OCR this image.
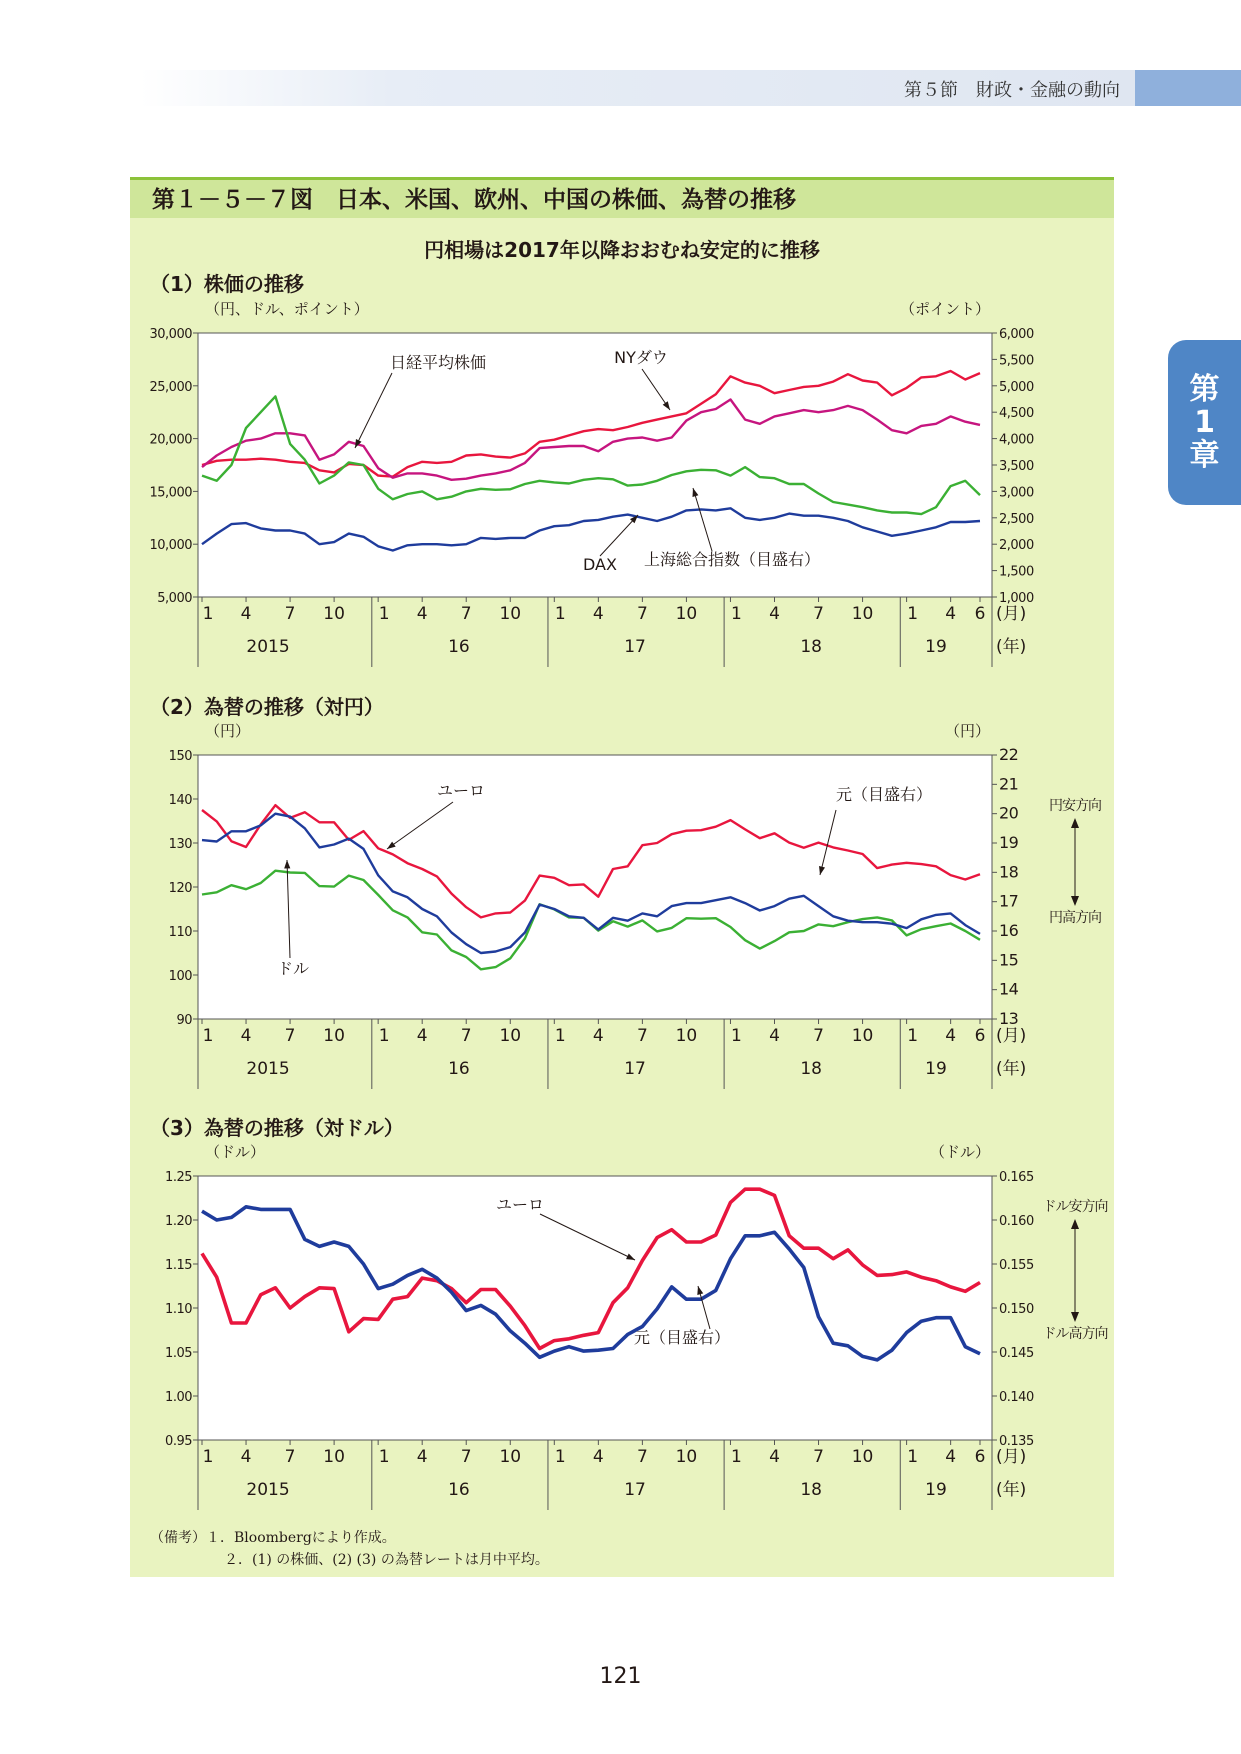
第５節　財政・金融の動向
第
1
章
第１－５－７図　日本、米国、欧州、中国の株価、為替の推移
円相場は2017年以降おおむね安定的に推移
（1）株価の推移
（2）為替の推移（対円）
（3）為替の推移（対ドル）
（円、ドル、ポイント）	（ポイント）
30,000
25,000
20,000
15,000
10,000
5,000
6,000
5,500
5,000
4,500
4,000
3,500
3,000
2,500
2,000
1,500
1,000
1 4 7 10 1 4 7 10 1 4 7 10 1 4 7 10 1 4 6
2015	16	17	18	19
(月)
(年)
日経平均株価	NYダウ
DAX 上海総合指数（目盛右）
（円）	（円）
150
140
130
120
110
100
90
22
21
20
19
18
17
16
15
14
13
1 4 7 10 1 4 7 10 1 4 7 10 1 4 7 10 1 4 6
2015	16	17	18	19
(月)
(年)
ユーロ
ドル
元（目盛右）
円安方向
円高方向
（ドル）	（ドル）
1.25
1.20
1.15
1.10
1.05
1.00
0.95
0.165
0.160
0.155
0.150
0.145
0.140
0.135
1 4 7 10 1 4 7 10 1 4 7 10 1 4 7 10 1 4 6
2015	16	17	18	19
(月)
(年)
ユーロ
元（目盛右）
ドル安方向
ドル高方向
（備考）１．Bloombergにより作成。
２．(1) の株価、(2) (3) の為替レートは月中平均。
121
